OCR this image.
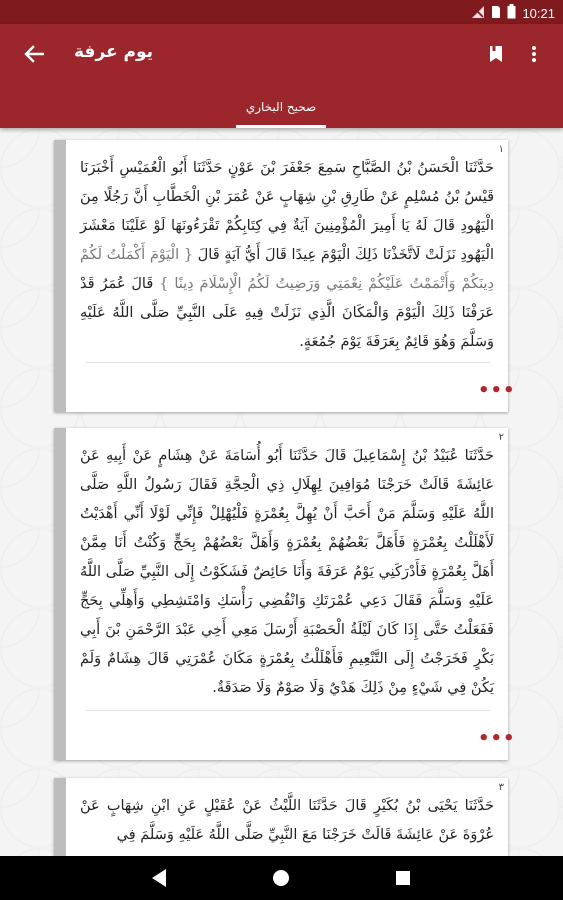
10:21
يوم عرفة
صحيح البخاري
١
حَدَّثَنَا الْحَسَنُ بْنُ الصَّبَّاحِ سَمِعَ جَعْفَرَ بْنَ عَوْنٍ حَدَّثَنَا أَبُو الْعُمَيْسِ أَخْبَرَنَا قَيْسُ بْنُ مُسْلِمٍ عَنْ طَارِقِ بْنِ شِهَابٍ عَنْ عُمَرَ بْنِ الْخَطَّابِ أَنَّ رَجُلًا مِنَ الْيَهُودِ قَالَ لَهُ يَا أَمِيرَ الْمُؤْمِنِينَ آيَةٌ فِي كِتَابِكُمْ تَقْرَءُونَهَا لَوْ عَلَيْنَا مَعْشَرَ الْيَهُودِ نَزَلَتْ لَاتَّخَذْنَا ذَلِكَ الْيَوْمَ عِيدًا قَالَ أَيُّ آيَةٍ قَالَ { الْيَوْمَ أَكْمَلْتُ لَكُمْ دِينَكُمْ وَأَتْمَمْتُ عَلَيْكُمْ نِعْمَتِي وَرَضِيتُ لَكُمُ الْإِسْلَامَ دِينًا } قَالَ عُمَرُ قَدْ عَرَفْنَا ذَلِكَ الْيَوْمَ وَالْمَكَانَ الَّذِي نَزَلَتْ فِيهِ عَلَى النَّبِيِّ صَلَّى اللَّهُ عَلَيْهِ وَسَلَّمَ وَهُوَ قَائِمٌ بِعَرَفَةَ يَوْمَ جُمُعَةٍ.
•••
٢
حَدَّثَنَا عُبَيْدُ بْنُ إِسْمَاعِيلَ قَالَ حَدَّثَنَا أَبُو أُسَامَةَ عَنْ هِشَامٍ عَنْ أَبِيهِ عَنْ عَائِشَةَ قَالَتْ خَرَجْنَا مُوَافِينَ لِهِلَالِ ذِي الْحِجَّةِ فَقَالَ رَسُولُ اللَّهِ صَلَّى اللَّهُ عَلَيْهِ وَسَلَّمَ مَنْ أَحَبَّ أَنْ يُهِلَّ بِعُمْرَةٍ فَلْيُهْلِلْ فَإِنِّي لَوْلَا أَنِّي أَهْدَيْتُ لَأَهْلَلْتُ بِعُمْرَةٍ فَأَهَلَّ بَعْضُهُمْ بِعُمْرَةٍ وَأَهَلَّ بَعْضُهُمْ بِحَجٍّ وَكُنْتُ أَنَا مِمَّنْ أَهَلَّ بِعُمْرَةٍ فَأَدْرَكَنِي يَوْمُ عَرَفَةَ وَأَنَا حَائِضٌ فَشَكَوْتُ إِلَى النَّبِيِّ صَلَّى اللَّهُ عَلَيْهِ وَسَلَّمَ فَقَالَ دَعِي عُمْرَتَكِ وَانْقُضِي رَأْسَكِ وَامْتَشِطِي وَأَهِلِّي بِحَجٍّ فَفَعَلْتُ حَتَّى إِذَا كَانَ لَيْلَةُ الْحَصْبَةِ أَرْسَلَ مَعِي أَخِي عَبْدَ الرَّحْمَنِ بْنَ أَبِي بَكْرٍ فَخَرَجْتُ إِلَى التَّنْعِيمِ فَأَهْلَلْتُ بِعُمْرَةٍ مَكَانَ عُمْرَتِي قَالَ هِشَامٌ وَلَمْ يَكُنْ فِي شَيْءٍ مِنْ ذَلِكَ هَدْيٌ وَلَا صَوْمٌ وَلَا صَدَقَةٌ.
•••
٣
حَدَّثَنَا يَحْيَى بْنُ بُكَيْرٍ قَالَ حَدَّثَنَا اللَّيْثُ عَنْ عُقَيْلٍ عَنِ ابْنِ شِهَابٍ عَنْ عُرْوَةَ عَنْ عَائِشَةَ قَالَتْ خَرَجْنَا مَعَ النَّبِيِّ صَلَّى اللَّهُ عَلَيْهِ وَسَلَّمَ فِي
